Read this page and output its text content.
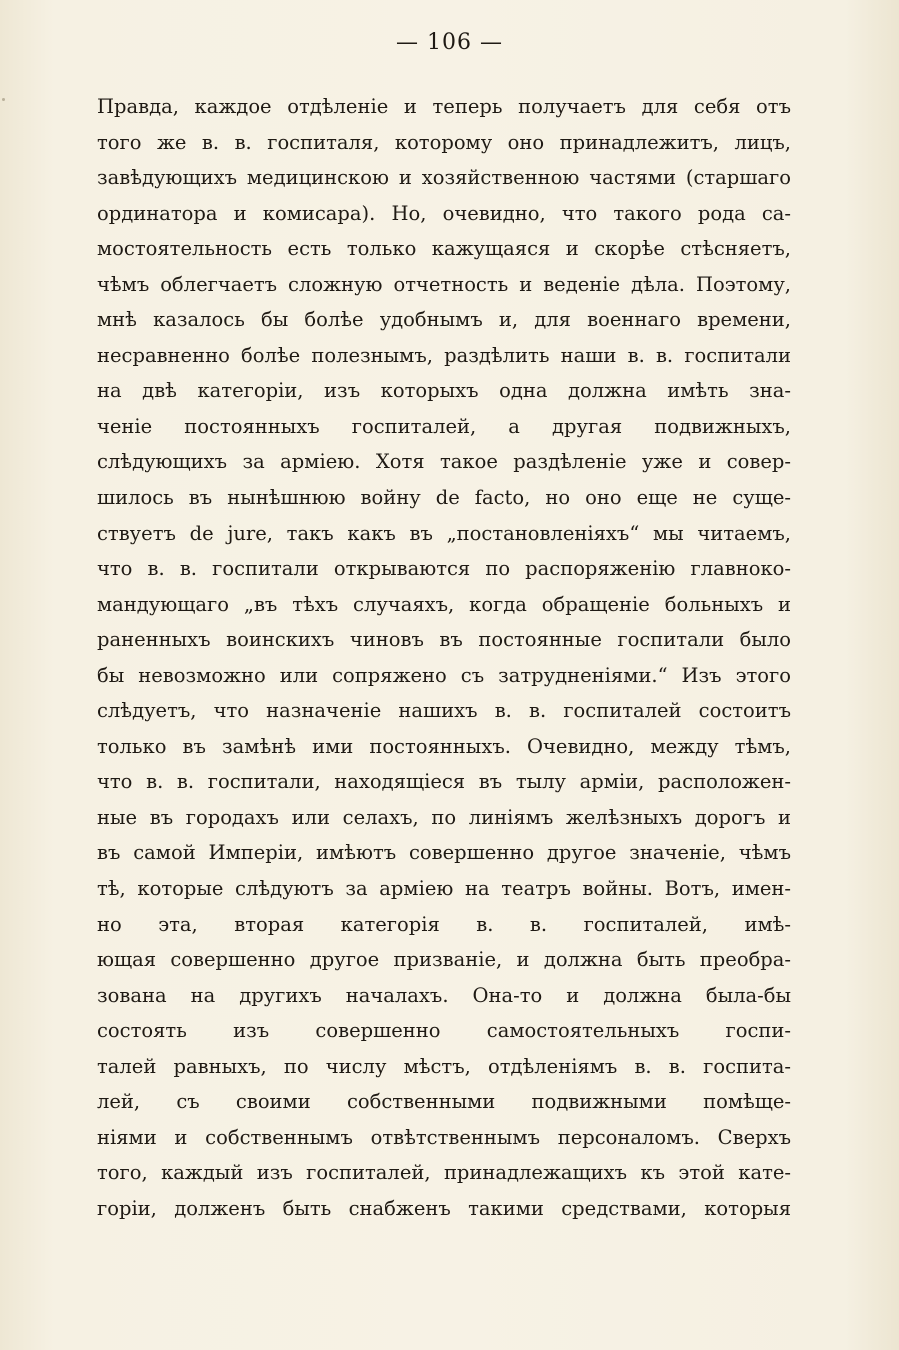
— 106 —
Правда, каждое отдѣленіе и теперь получаетъ для себя отъ
того же в. в. госпиталя, которому оно принадлежитъ, лицъ,
завѣдующихъ медицинскою и хозяйственною частями (старшаго
ординатора и комисара). Но, очевидно, что такого рода са-
мостоятельность есть только кажущаяся и скорѣе стѣсняетъ,
чѣмъ облегчаетъ сложную отчетность и веденіе дѣла. Поэтому,
мнѣ казалось бы болѣе удобнымъ и, для военнаго времени,
несравненно болѣе полезнымъ, раздѣлить наши в. в. госпитали
на двѣ категоріи, изъ которыхъ одна должна имѣть зна-
ченіе постоянныхъ госпиталей, а другая подвижныхъ,
слѣдующихъ за арміею. Хотя такое раздѣленіе уже и совер-
шилось въ нынѣшнюю войну de facto, но оно еще не суще-
ствуетъ de jure, такъ какъ въ „постановленіяхъ“ мы читаемъ,
что в. в. госпитали открываются по распоряженію главноко-
мандующаго „въ тѣхъ случаяхъ, когда обращеніе больныхъ и
раненныхъ воинскихъ чиновъ въ постоянные госпитали было
бы невозможно или сопряжено съ затрудненіями.“ Изъ этого
слѣдуетъ, что назначеніе нашихъ в. в. госпиталей состоитъ
только въ замѣнѣ ими постоянныхъ. Очевидно, между тѣмъ,
что в. в. госпитали, находящіеся въ тылу арміи, расположен-
ные въ городахъ или селахъ, по линіямъ желѣзныхъ дорогъ и
въ самой Имперіи, имѣютъ совершенно другое значеніе, чѣмъ
тѣ, которые слѣдуютъ за арміею на театръ войны. Вотъ, имен-
но эта, вторая категорія в. в. госпиталей, имѣ-
ющая совершенно другое призваніе, и должна быть преобра-
зована на другихъ началахъ. Она-то и должна была-бы
состоять изъ совершенно самостоятельныхъ госпи-
талей равныхъ, по числу мѣстъ, отдѣленіямъ в. в. госпита-
лей, съ своими собственными подвижными помѣще-
ніями и собственнымъ отвѣтственнымъ персоналомъ. Сверхъ
того, каждый изъ госпиталей, принадлежащихъ къ этой кате-
горіи, долженъ быть снабженъ такими средствами, которыя
